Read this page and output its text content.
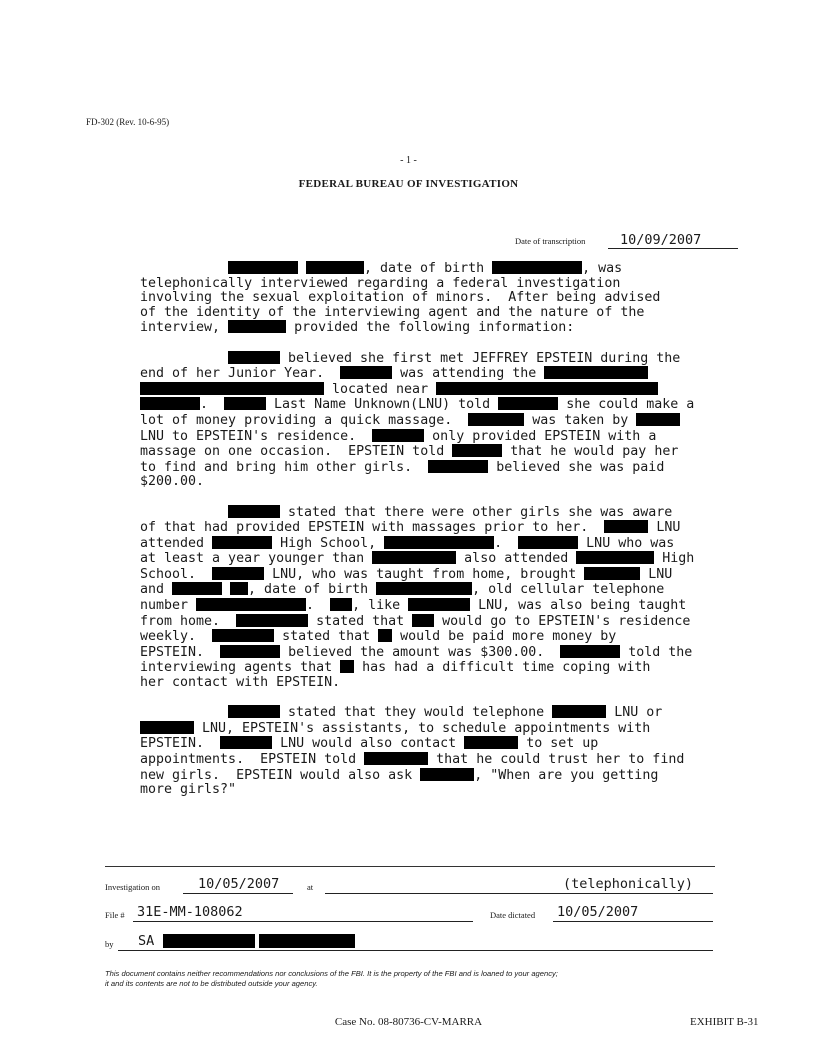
FD-302 (Rev. 10-6-95)
- 1 -
FEDERAL BUREAU OF INVESTIGATION
Date of transcription	10/09/2007

, date of birth	, was
telephonically interviewed regarding a federal investigation
involving the sexual exploitation of minors.  After being advised
of the identity of the interviewing agent and the nature of the
interview,	provided the following information:

believed she first met JEFFREY EPSTEIN during the
end of her Junior Year.	was attending the
located near
.	Last Name Unknown(LNU) told	she could make a
lot of money providing a quick massage.	was taken by
LNU to EPSTEIN's residence.	only provided EPSTEIN with a
massage on one occasion.  EPSTEIN told	that he would pay her
to find and bring him other girls.	believed she was paid
$200.00.

stated that there were other girls she was aware
of that had provided EPSTEIN with massages prior to her.	LNU
attended	High School,	.	LNU who was
at least a year younger than	also attended	High
School.	LNU, who was taught from home, brought	LNU
and	, date of birth	, old cellular telephone
number	.  , like	LNU, was also being taught
from home.	stated that  would go to EPSTEIN's residence
weekly.	stated that  would be paid more money by
EPSTEIN.	believed the amount was $300.00.	told the
interviewing agents that  has had a difficult time coping with
her contact with EPSTEIN.

stated that they would telephone	LNU or
LNU, EPSTEIN's assistants, to schedule appointments with
EPSTEIN.	LNU would also contact	to set up
appointments.  EPSTEIN told	that he could trust her to find
new girls.  EPSTEIN would also ask	, "When are you getting
more girls?"

Investigation on	10/05/2007	at	(telephonically)
File # 31E-MM-108062	Date dictated 10/05/2007
by SA
This document contains neither recommendations nor conclusions of the FBI. It is the property of the FBI and is loaned to your agency;
it and its contents are not to be distributed outside your agency.
Case No. 08-80736-CV-MARRA	EXHIBIT B-31
